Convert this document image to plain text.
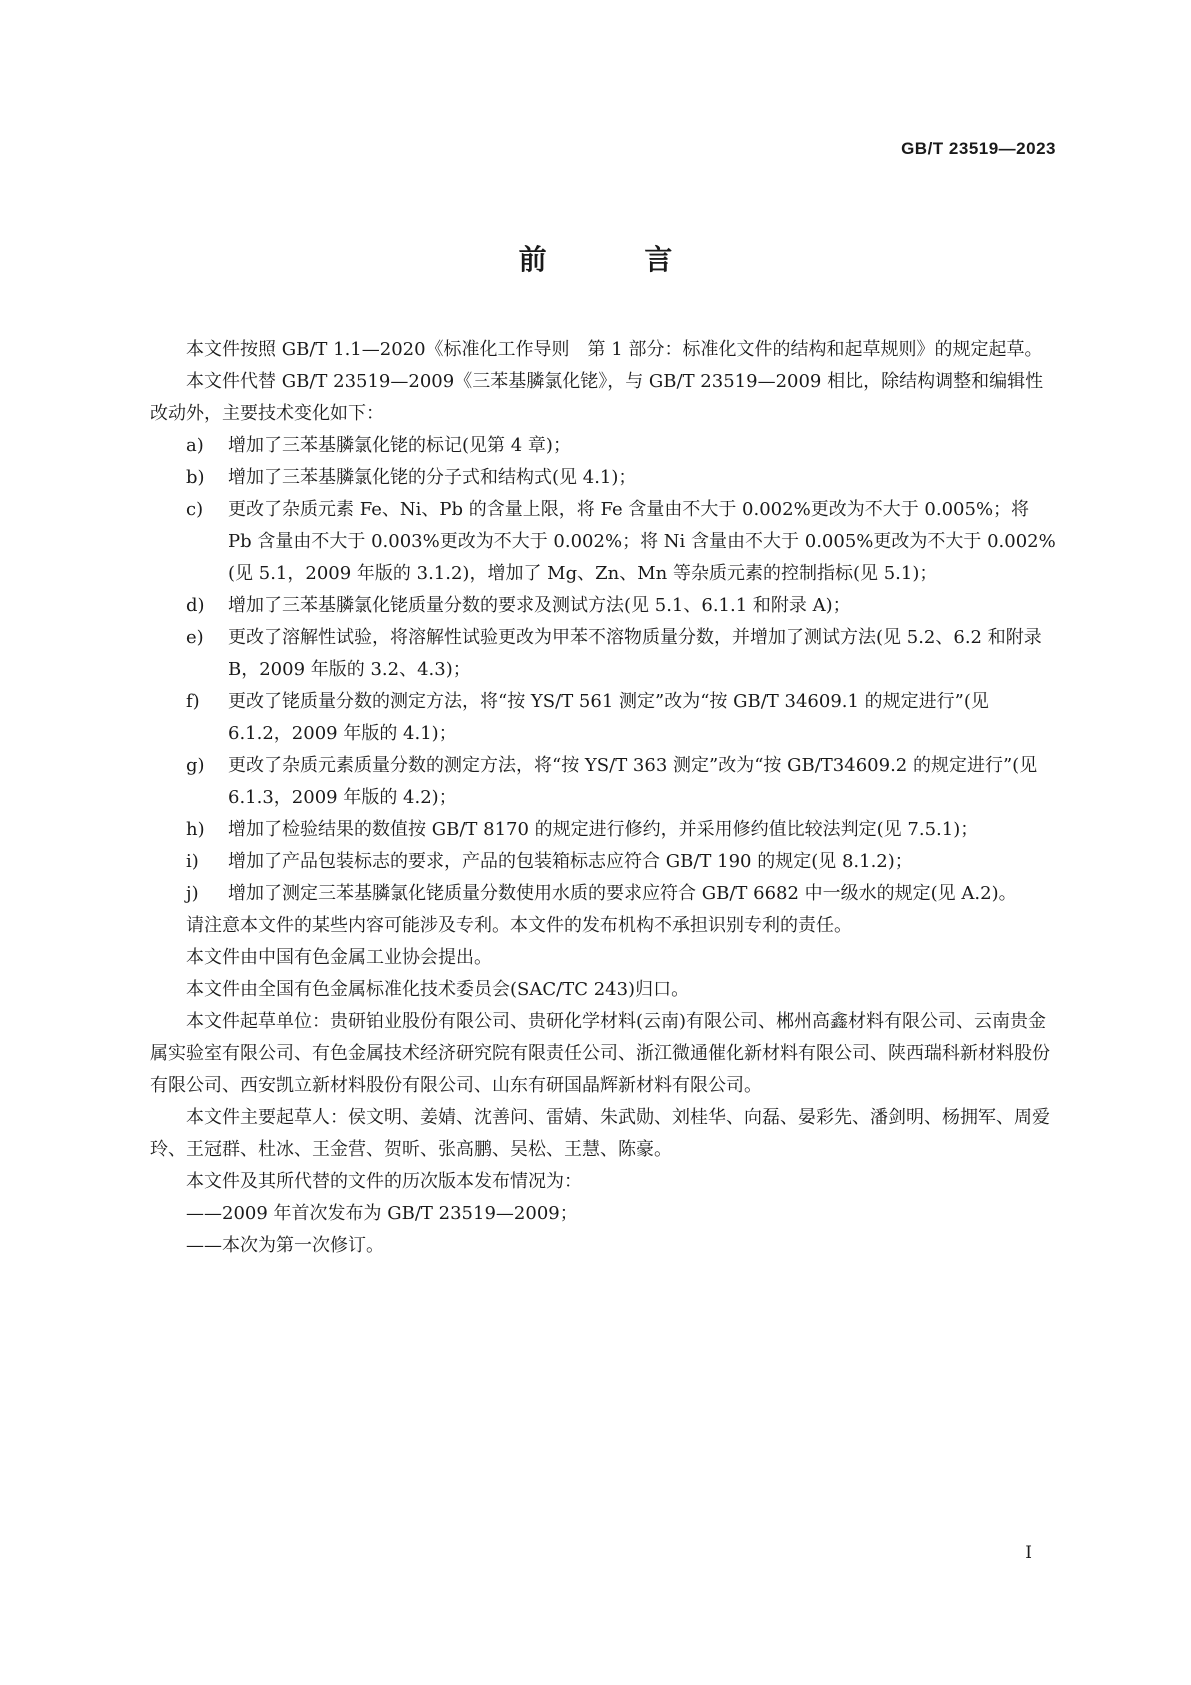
GB/T 23519—2023
前 言

本文件按照 GB/T 1.1—2020《标准化工作导则　第 1 部分：标准化文件的结构和起草规则》的规定起草。

本文件代替 GB/T 23519—2009《三苯基膦氯化铑》，与 GB/T 23519—2009 相比，除结构调整和编辑性改动外，主要技术变化如下：

a) 增加了三苯基膦氯化铑的标记(见第 4 章)；
b) 增加了三苯基膦氯化铑的分子式和结构式(见 4.1)；
c) 更改了杂质元素 Fe、Ni、Pb 的含量上限，将 Fe 含量由不大于 0.002%更改为不大于 0.005%；将 Pb 含量由不大于 0.003%更改为不大于 0.002%；将 Ni 含量由不大于 0.005%更改为不大于 0.002%(见 5.1，2009 年版的 3.1.2)，增加了 Mg、Zn、Mn 等杂质元素的控制指标(见 5.1)；
d) 增加了三苯基膦氯化铑质量分数的要求及测试方法(见 5.1、6.1.1 和附录 A)；
e) 更改了溶解性试验，将溶解性试验更改为甲苯不溶物质量分数，并增加了测试方法(见 5.2、6.2 和附录 B，2009 年版的 3.2、4.3)；
f) 更改了铑质量分数的测定方法，将“按 YS/T 561 测定”改为“按 GB/T 34609.1 的规定进行”(见 6.1.2，2009 年版的 4.1)；
g) 更改了杂质元素质量分数的测定方法，将“按 YS/T 363 测定”改为“按 GB/T34609.2 的规定进行”(见 6.1.3，2009 年版的 4.2)；
h) 增加了检验结果的数值按 GB/T 8170 的规定进行修约，并采用修约值比较法判定(见 7.5.1)；
i) 增加了产品包装标志的要求，产品的包装箱标志应符合 GB/T 190 的规定(见 8.1.2)；
j) 增加了测定三苯基膦氯化铑质量分数使用水质的要求应符合 GB/T 6682 中一级水的规定(见 A.2)。

请注意本文件的某些内容可能涉及专利。本文件的发布机构不承担识别专利的责任。

本文件由中国有色金属工业协会提出。

本文件由全国有色金属标准化技术委员会(SAC/TC 243)归口。

本文件起草单位：贵研铂业股份有限公司、贵研化学材料(云南)有限公司、郴州高鑫材料有限公司、云南贵金属实验室有限公司、有色金属技术经济研究院有限责任公司、浙江微通催化新材料有限公司、陕西瑞科新材料股份有限公司、西安凯立新材料股份有限公司、山东有研国晶辉新材料有限公司。

本文件主要起草人：侯文明、姜婧、沈善问、雷婧、朱武勋、刘桂华、向磊、晏彩先、潘剑明、杨拥军、周爱玲、王冠群、杜冰、王金营、贺昕、张高鹏、吴松、王慧、陈豪。

本文件及其所代替的文件的历次版本发布情况为：

——2009 年首次发布为 GB/T 23519—2009；

——本次为第一次修订。

I
